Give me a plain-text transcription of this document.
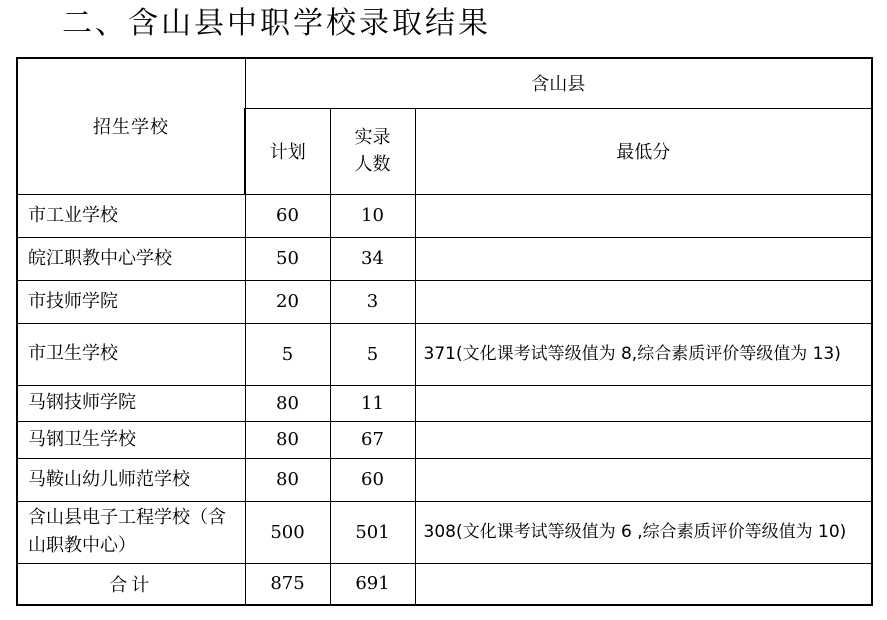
二、含山县中职学校录取结果
招生学校	含山县		
	计划	实录人数	最低分
市工业学校	60	10	
皖江职教中心学校	50	34	
市技师学院	20	3	
市卫生学校	5	5	371(文化课考试等级值为 8,综合素质评价等级值为 13)
马钢技师学院	80	11	
马钢卫生学校	80	67	
马鞍山幼儿师范学校	80	60	

含山县电子工程学校（含山职教中心）	500	501	308(文化课考试等级值为 6 ,综合素质评价等级值为 10)
合计	875	691	
